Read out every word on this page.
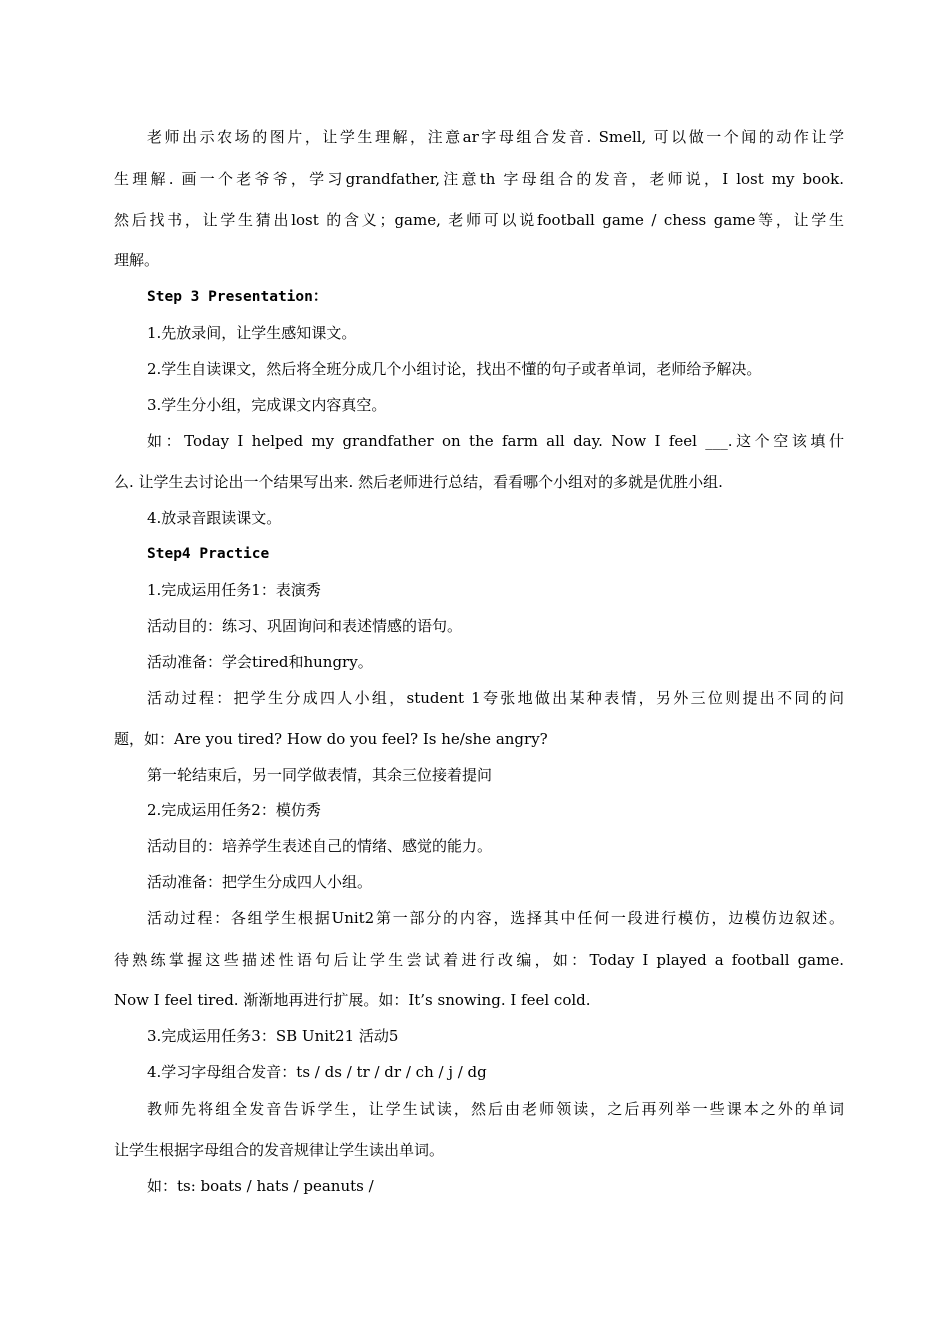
老师出示农场的图片，让学生理解，注意ar字母组合发音. Smell, 可以做一个闻的动作让学
生理解. 画一个老爷爷，学习grandfather,注意th 字母组合的发音，老师说，I lost my book.
然后找书，让学生猜出lost 的含义；game, 老师可以说football game / chess game等，让学生
理解。
Step 3 Presentation：
1.先放录间，让学生感知课文。
2.学生自读课文，然后将全班分成几个小组讨论，找出不懂的句子或者单词，老师给予解决。
3.学生分小组，完成课文内容真空。
如：Today I helped my grandfather on the farm all day. Now I feel ___.这个空该填什
么. 让学生去讨论出一个结果写出来. 然后老师进行总结，看看哪个小组对的多就是优胜小组.
4.放录音跟读课文。
Step4 Practice
1.完成运用任务1：表演秀
活动目的：练习、巩固询问和表述情感的语句。
活动准备：学会tired和hungry。
活动过程：把学生分成四人小组，student 1夸张地做出某种表情，另外三位则提出不同的问
题，如：Are you tired? How do you feel? Is he/she angry?
第一轮结束后，另一同学做表情，其余三位接着提问
2.完成运用任务2：模仿秀
活动目的：培养学生表述自己的情绪、感觉的能力。
活动准备：把学生分成四人小组。
活动过程：各组学生根据Unit2第一部分的内容，选择其中任何一段进行模仿，边模仿边叙述。
待熟练掌握这些描述性语句后让学生尝试着进行改编，如：Today I played a football game.
Now I feel tired. 渐渐地再进行扩展。如：It’s snowing. I feel cold.
3.完成运用任务3：SB Unit21 活动5
4.学习字母组合发音：ts / ds / tr / dr / ch / j / dg
教师先将组全发音告诉学生，让学生试读，然后由老师领读，之后再列举一些课本之外的单词
让学生根据字母组合的发音规律让学生读出单词。
如：ts: boats / hats / peanuts /
